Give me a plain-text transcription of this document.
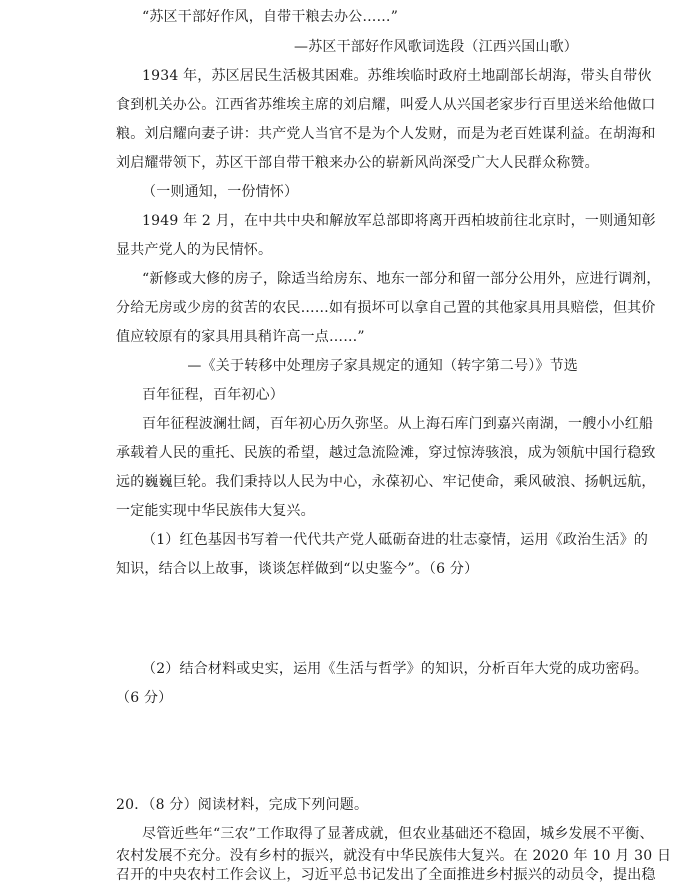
“苏区干部好作风，自带干粮去办公……”
—苏区干部好作风歌词选段（江西兴国山歌）
1934 年，苏区居民生活极其困难。苏维埃临时政府土地副部长胡海，带头自带伙
食到机关办公。江西省苏维埃主席的刘启耀，叫爱人从兴国老家步行百里送米给他做口
粮。刘启耀向妻子讲：共产党人当官不是为个人发财，而是为老百姓谋利益。在胡海和
刘启耀带领下，苏区干部自带干粮来办公的崭新风尚深受广大人民群众称赞。
（一则通知，一份情怀）
1949 年 2 月，在中共中央和解放军总部即将离开西柏坡前往北京时，一则通知彰
显共产党人的为民情怀。
“新修或大修的房子，除适当给房东、地东一部分和留一部分公用外，应进行调剂，
分给无房或少房的贫苦的农民……如有损坏可以拿自己置的其他家具用具赔偿，但其价
值应较原有的家具用具稍许高一点……”
—《关于转移中处理房子家具规定的通知（转字第二号）》节选
百年征程，百年初心）
百年征程波澜壮阔，百年初心历久弥坚。从上海石库门到嘉兴南湖，一艘小小红船
承载着人民的重托、民族的希望，越过急流险滩，穿过惊涛骇浪，成为领航中国行稳致
远的巍巍巨轮。我们秉持以人民为中心，永葆初心、牢记使命，乘风破浪、扬帆远航，
一定能实现中华民族伟大复兴。
（1）红色基因书写着一代代共产党人砥砺奋进的壮志豪情，运用《政治生活》的
知识，结合以上故事，谈谈怎样做到“以史鉴今”。（6 分）
（2）结合材料或史实，运用《生活与哲学》的知识，分析百年大党的成功密码。
（6 分）
20．（8 分）阅读材料，完成下列问题。
尽管近些年“三农”工作取得了显著成就，但农业基础还不稳固，城乡发展不平衡、
农村发展不充分。没有乡村的振兴，就没有中华民族伟大复兴。在 2020 年 10 月 30 日
召开的中央农村工作会议上，习近平总书记发出了全面推进乡村振兴的动员令，提出稳
